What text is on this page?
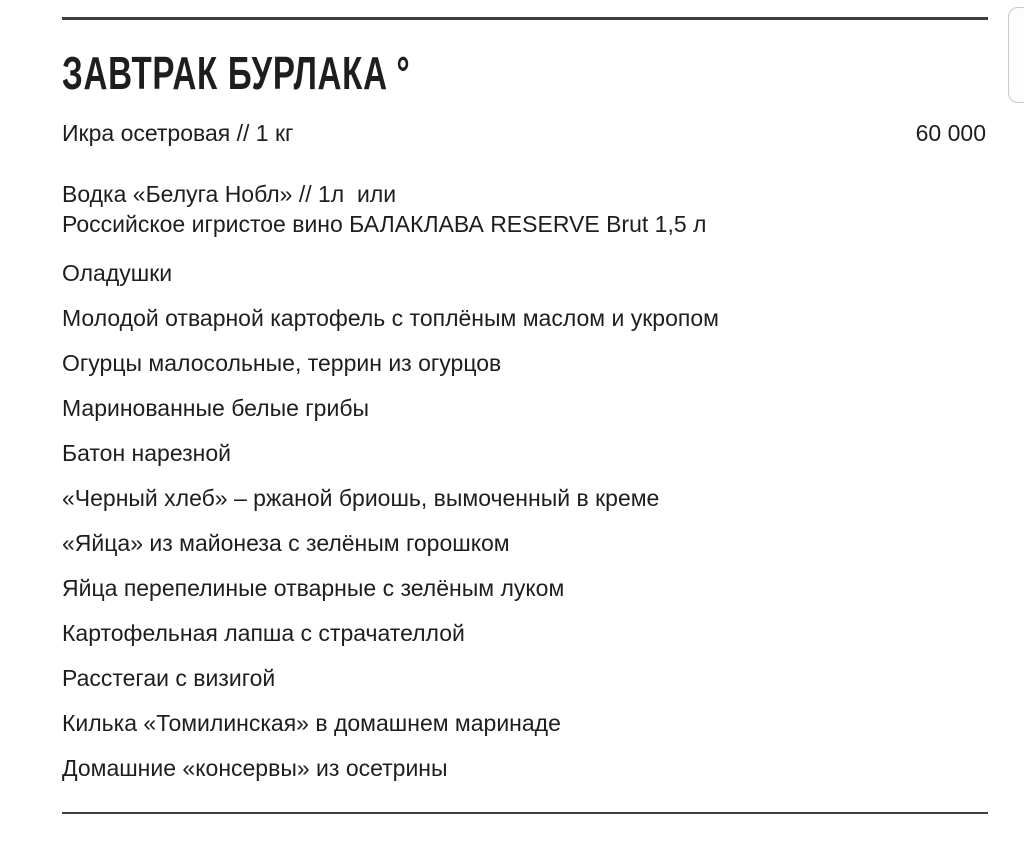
ЗАВТРАК БУРЛАКА °
Икра осетровая // 1 кг	60 000
Водка «Белуга Нобл» // 1л  или
Российское игристое вино БАЛАКЛАВА RESERVE Brut 1,5 л
Оладушки
Молодой отварной картофель с топлёным маслом и укропом
Огурцы малосольные, террин из огурцов
Маринованные белые грибы
Батон нарезной
«Черный хлеб» – ржаной бриошь, вымоченный в креме
«Яйца» из майонеза с зелёным горошком
Яйца перепелиные отварные с зелёным луком
Картофельная лапша с страчателлой
Расстегаи с визигой
Килька «Томилинская» в домашнем маринаде
Домашние «консервы» из осетрины
